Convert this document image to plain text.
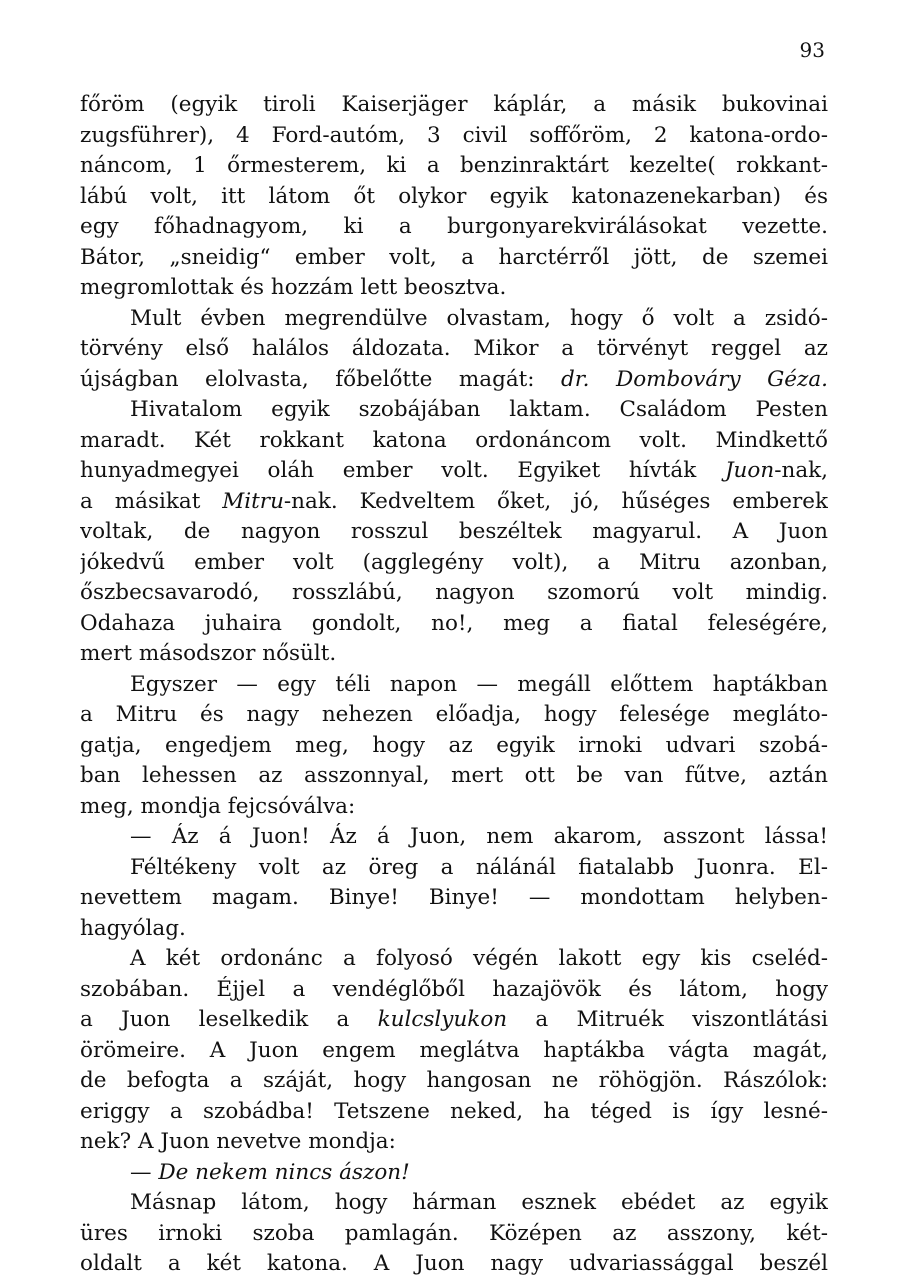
93
főröm (egyik tiroli Kaiserjäger káplár, a másik bukovinai
zugsführer), 4 Ford-autóm, 3 civil soffőröm, 2 katona-ordo-
náncom, 1 őrmesterem, ki a benzinraktárt kezelte( rokkant-
lábú volt, itt látom őt olykor egyik katonazenekarban) és
egy főhadnagyom, ki a burgonyarekvirálásokat vezette.
Bátor, „sneidig“ ember volt, a harctérről jött, de szemei
megromlottak és hozzám lett beosztva.
Mult évben megrendülve olvastam, hogy ő volt a zsidó-
törvény első halálos áldozata. Mikor a törvényt reggel az
újságban elolvasta, főbelőtte magát: dr. Dombováry Géza.
Hivatalom egyik szobájában laktam. Családom Pesten
maradt. Két rokkant katona ordonáncom volt. Mindkettő
hunyadmegyei oláh ember volt. Egyiket hívták Juon-nak,
a másikat Mitru-nak. Kedveltem őket, jó, hűséges emberek
voltak, de nagyon rosszul beszéltek magyarul. A Juon
jókedvű ember volt (agglegény volt), a Mitru azonban,
őszbecsavarodó, rosszlábú, nagyon szomorú volt mindig.
Odahaza juhaira gondolt, no!, meg a fiatal feleségére,
mert másodszor nősült.
Egyszer — egy téli napon — megáll előttem haptákban
a Mitru és nagy nehezen előadja, hogy felesége megláto-
gatja, engedjem meg, hogy az egyik irnoki udvari szobá-
ban lehessen az asszonnyal, mert ott be van fűtve, aztán
meg, mondja fejcsóválva:
— Áz á Juon! Áz á Juon, nem akarom, asszont lássa!
Féltékeny volt az öreg a nálánál fiatalabb Juonra. El-
nevettem magam. Binye! Binye! — mondottam helyben-
hagyólag.
A két ordonánc a folyosó végén lakott egy kis cseléd-
szobában. Éjjel a vendéglőből hazajövök és látom, hogy
a Juon leselkedik a kulcslyukon a Mitruék viszontlátási
örömeire. A Juon engem meglátva haptákba vágta magát,
de befogta a száját, hogy hangosan ne röhögjön. Rászólok:
eriggy a szobádba! Tetszene neked, ha téged is így lesné-
nek? A Juon nevetve mondja:
— De nekem nincs ászon!
Másnap látom, hogy hárman esznek ebédet az egyik
üres irnoki szoba pamlagán. Középen az asszony, két-
oldalt a két katona. A Juon nagy udvariassággal beszél
